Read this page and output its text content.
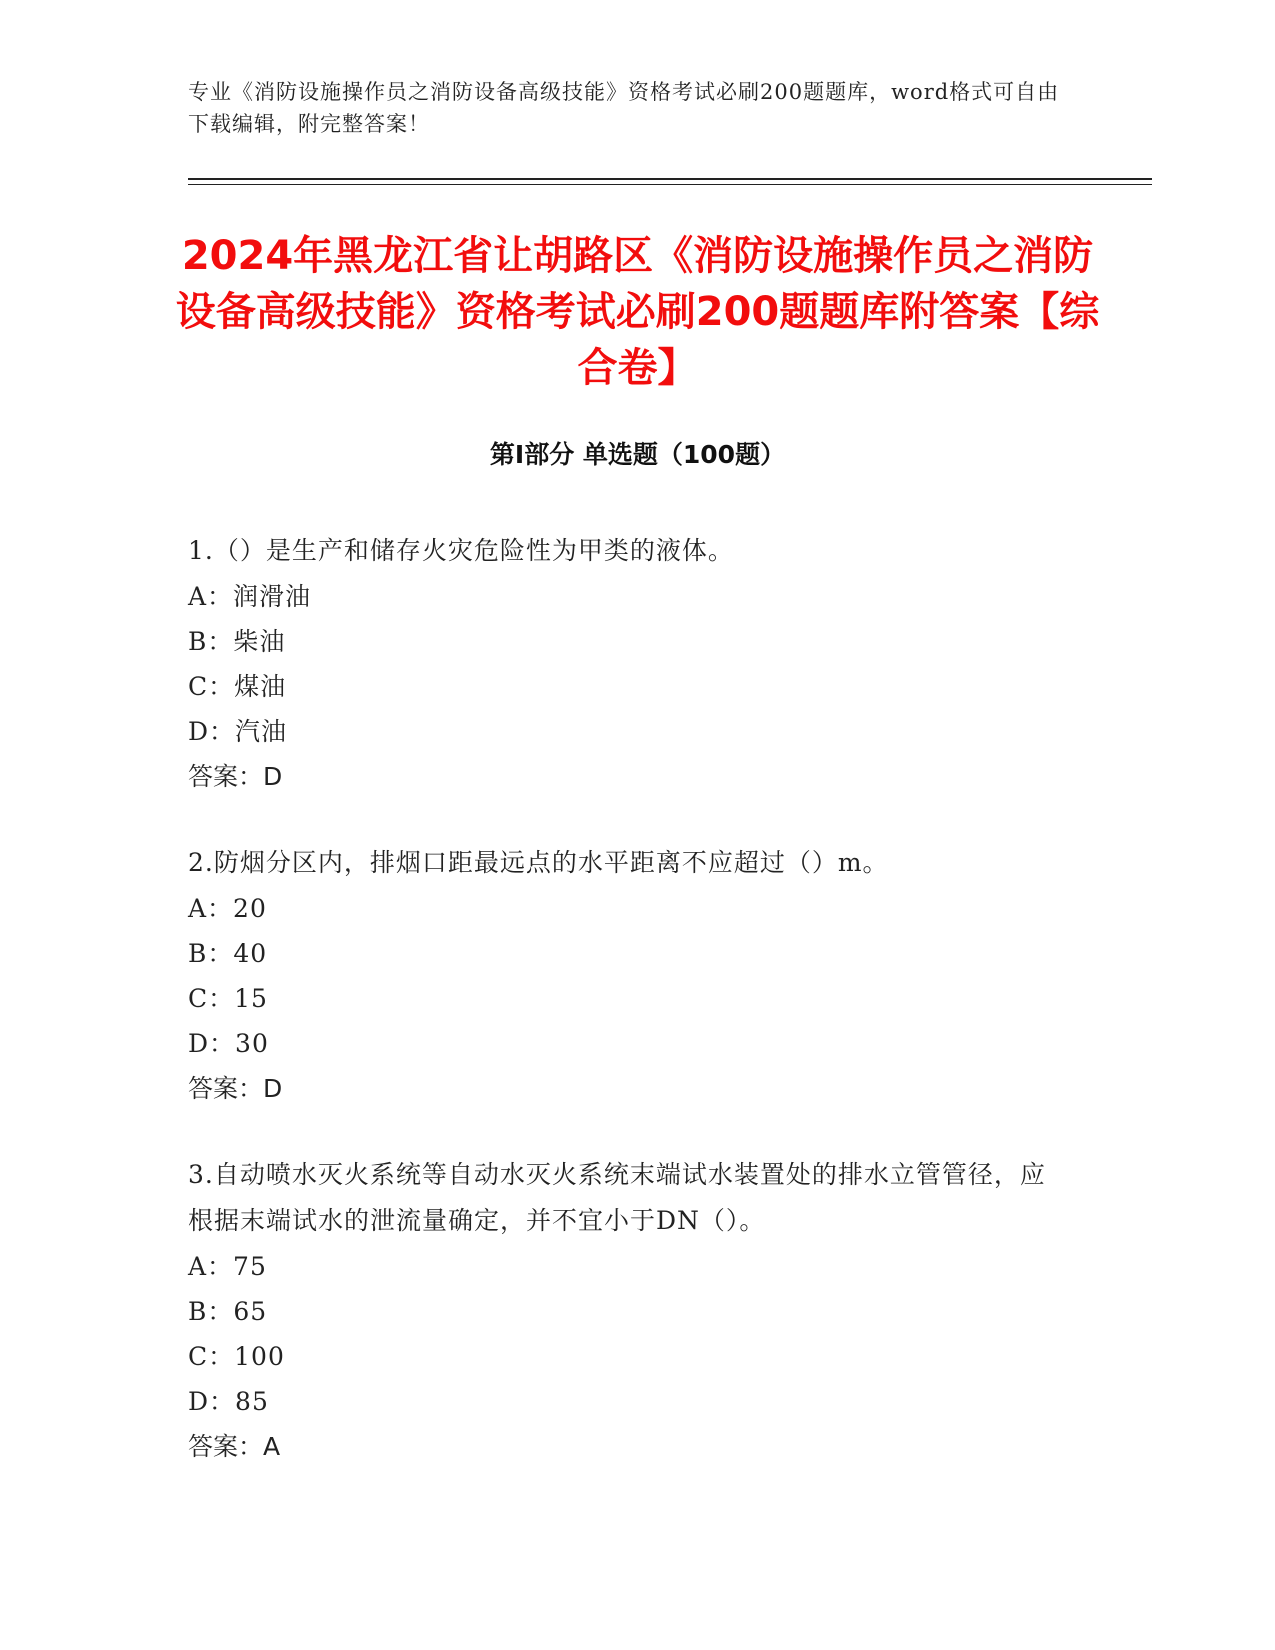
专业《消防设施操作员之消防设备高级技能》资格考试必刷200题题库，word格式可自由下载编辑，附完整答案！
2024年黑龙江省让胡路区《消防设施操作员之消防设备高级技能》资格考试必刷200题题库附答案【综合卷】
第Ⅰ部分 单选题（100题）
1.（）是生产和储存火灾危险性为甲类的液体。
A：润滑油
B：柴油
C：煤油
D：汽油
答案：D
2.防烟分区内，排烟口距最远点的水平距离不应超过（）m。
A：20
B：40
C：15
D：30
答案：D
3.自动喷水灭火系统等自动水灭火系统末端试水装置处的排水立管管径，应根据末端试水的泄流量确定，并不宜小于DN（）。
A：75
B：65
C：100
D：85
答案：A
